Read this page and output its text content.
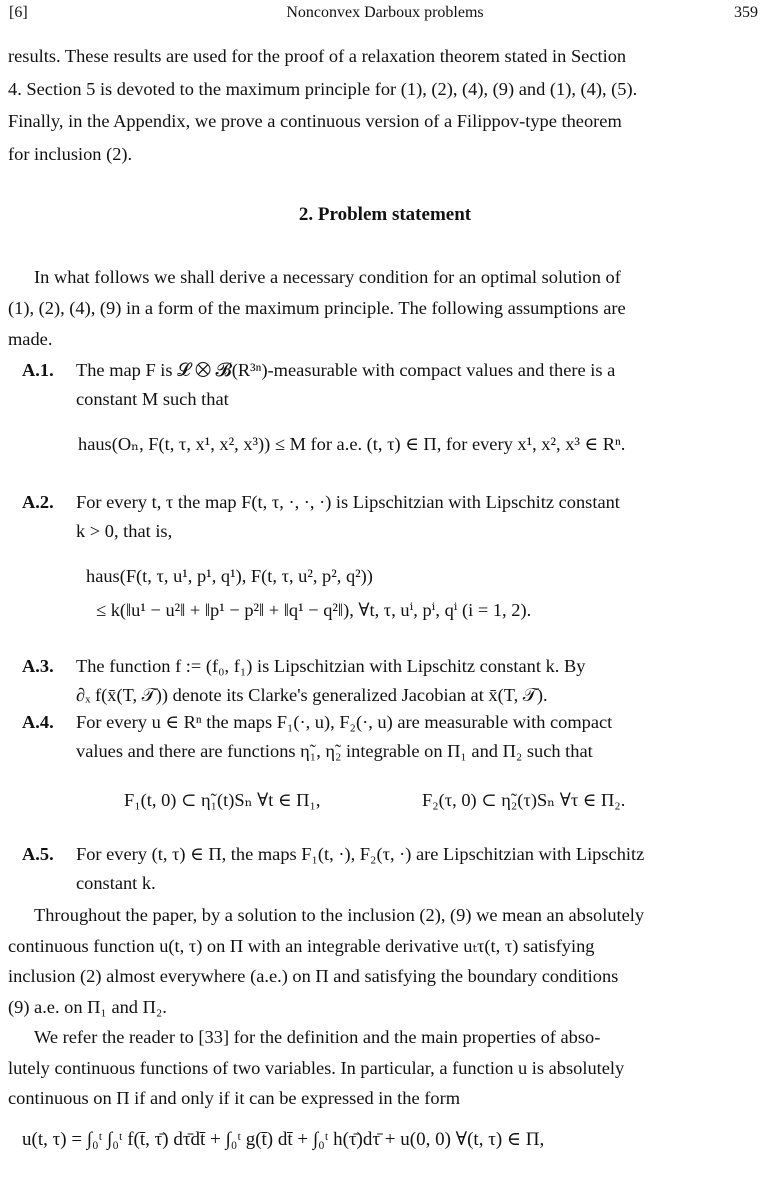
[6]	Nonconvex Darboux problems	359
results. These results are used for the proof of a relaxation theorem stated in Section
4. Section 5 is devoted to the maximum principle for (1), (2), (4), (9) and (1), (4), (5).
Finally, in the Appendix, we prove a continuous version of a Filippov-type theorem
for inclusion (2).
2. Problem statement
In what follows we shall derive a necessary condition for an optimal solution of
(1), (2), (4), (9) in a form of the maximum principle. The following assumptions are
made.
A.1. The map F is 𝓛 ⨂ 𝓑(R³ⁿ)-measurable with compact values and there is a
constant M such that
haus(Oₙ, F(t, τ, x¹, x², x³)) ≤ M for a.e. (t, τ) ∈ Π, for every x¹, x², x³ ∈ Rⁿ.
A.2. For every t, τ the map F(t, τ, ·, ·, ·) is Lipschitzian with Lipschitz constant
k > 0, that is,
haus(F(t, τ, u¹, p¹, q¹), F(t, τ, u², p², q²))
≤ k(‖u¹ − u²‖ + ‖p¹ − p²‖ + ‖q¹ − q²‖), ∀t, τ, uⁱ, pⁱ, qⁱ (i = 1, 2).
A.3. The function f := (f₀, f₁) is Lipschitzian with Lipschitz constant k. By
∂ₓ f(x̄(T, 𝒯)) denote its Clarke's generalized Jacobian at x̄(T, 𝒯).
A.4. For every u ∈ Rⁿ the maps F₁(·, u), F₂(·, u) are measurable with compact
values and there are functions η̃₁, η̃₂ integrable on Π₁ and Π₂ such that
F₁(t, 0) ⊂ η̃₁(t)Sₙ ∀t ∈ Π₁,	F₂(τ, 0) ⊂ η̃₂(τ)Sₙ ∀τ ∈ Π₂.
A.5. For every (t, τ) ∈ Π, the maps F₁(t, ·), F₂(τ, ·) are Lipschitzian with Lipschitz
constant k.
Throughout the paper, by a solution to the inclusion (2), (9) we mean an absolutely
continuous function u(t, τ) on Π with an integrable derivative uₜτ(t, τ) satisfying
inclusion (2) almost everywhere (a.e.) on Π and satisfying the boundary conditions
(9) a.e. on Π₁ and Π₂.
We refer the reader to [33] for the definition and the main properties of abso-
lutely continuous functions of two variables. In particular, a function u is absolutely
continuous on Π if and only if it can be expressed in the form
u(t, τ) = ∫₀ᵗ ∫₀ᵗ f(t̄, τ̄) dτ̄dt̄ + ∫₀ᵗ g(t̄) dt̄ + ∫₀ᵗ h(τ̄)dτ̄ + u(0, 0) ∀(t, τ) ∈ Π,
